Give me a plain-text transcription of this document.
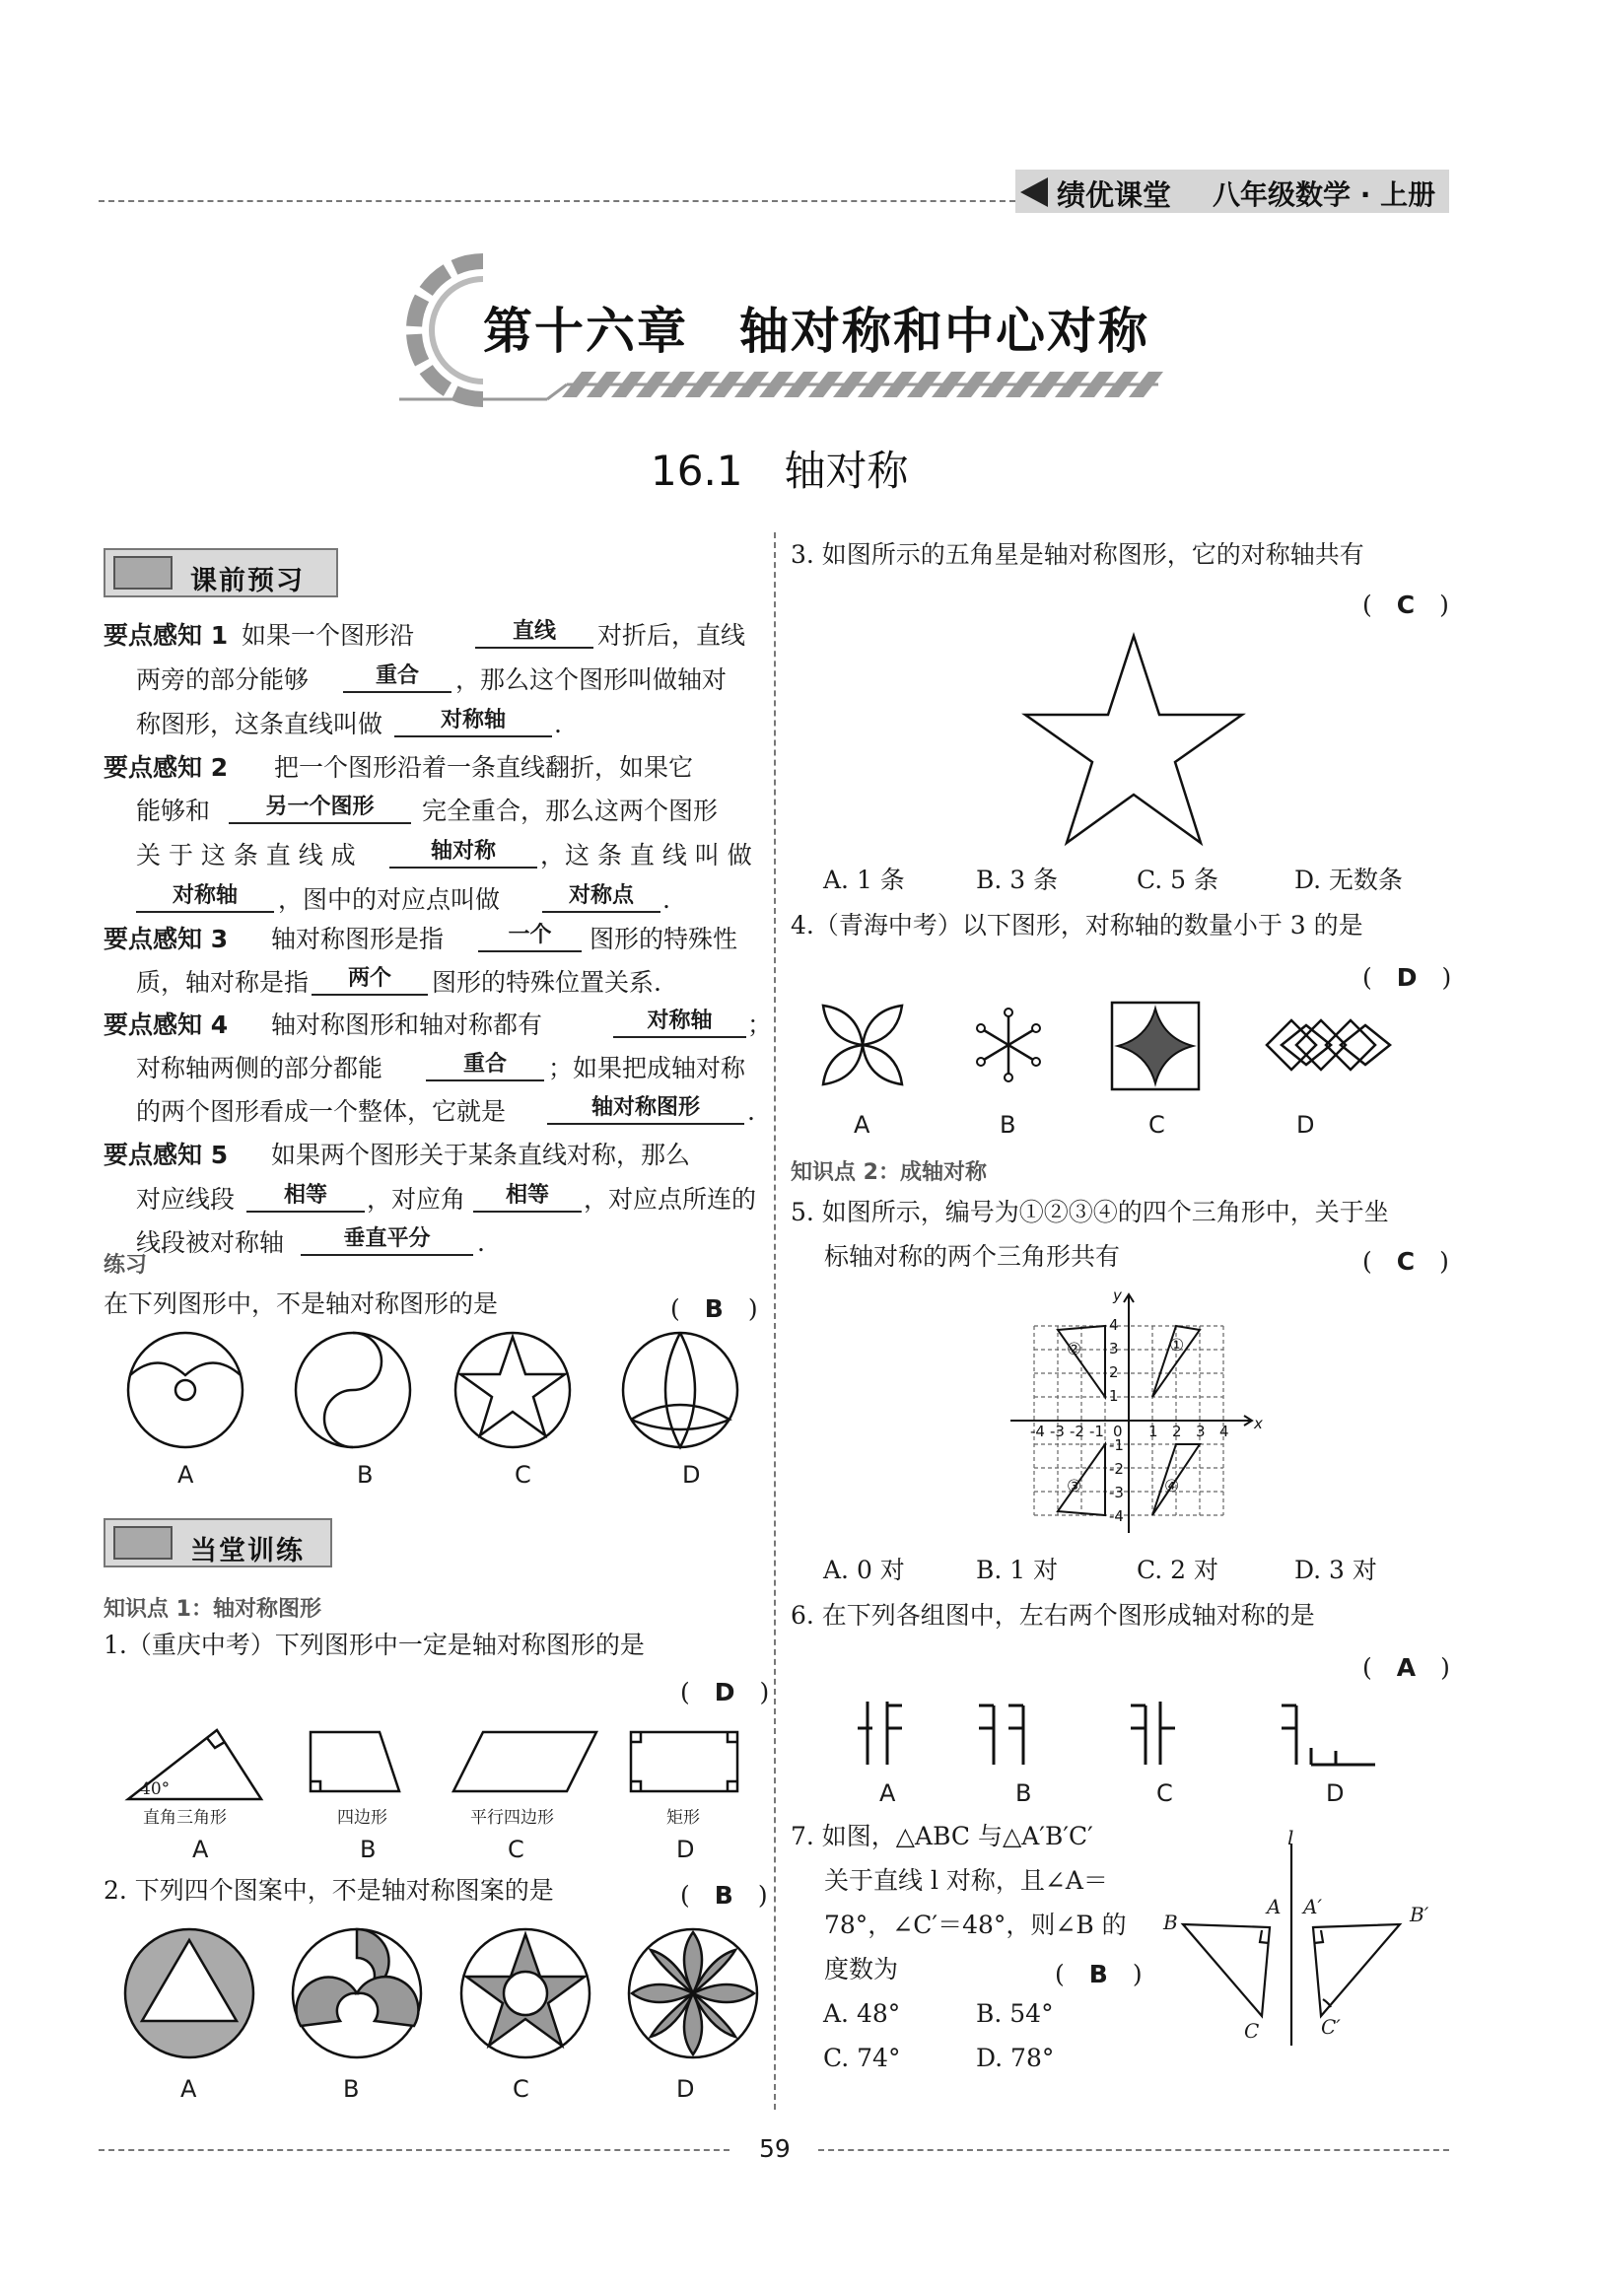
绩优课堂 八年级数学 · 上册
第十六章　轴对称和中心对称
16.1　轴对称
课前预习
要点感知 1 如果一个图形沿	直线	对折后，直线
两旁的部分能够	重合	，那么这个图形叫做轴对
称图形，这条直线叫做	对称轴	.
要点感知 2 把一个图形沿着一条直线翻折，如果它
能够和	另一个图形	完全重合，那么这两个图形
关 于 这 条 直 线 成	轴对称	，这 条 直 线 叫 做
对称轴	，图中的对应点叫做	对称点	.
要点感知 3 轴对称图形是指	一个	图形的特殊性
质，轴对称是指	两个	图形的特殊位置关系.
要点感知 4 轴对称图形和轴对称都有	对称轴	；
对称轴两侧的部分都能	重合	；如果把成轴对称
的两个图形看成一个整体，它就是	轴对称图形	.
要点感知 5 如果两个图形关于某条直线对称，那么
对应线段	相等	，对应角	相等	，对应点所连的
线段被对称轴	垂直平分	.
练习
在下列图形中，不是轴对称图形的是	(　B　)
A	B	C	D
当堂训练
知识点 1：轴对称图形
1.（重庆中考）下列图形中一定是轴对称图形的是
(　D　)
40°
直角三角形	四边形	平行四边形	矩形
A	B	C	D
2. 下列四个图案中，不是轴对称图案的是	(　B　)
A	B	C	D
3. 如图所示的五角星是轴对称图形，它的对称轴共有
(　C　)
A. 1 条	B. 3 条	C. 5 条	D. 无数条
4.（青海中考）以下图形，对称轴的数量小于 3 的是
(　D　)
A	B	C	D
知识点 2：成轴对称
5. 如图所示，编号为①②③④的四个三角形中，关于坐
标轴对称的两个三角形共有	(　C　)
y
x
4
3
2
1
-1
-2
-3
-4
-4 -3 -2 -1 0 1 2 3 4
①
②
③	④
A. 0 对	B. 1 对	C. 2 对	D. 3 对
6. 在下列各组图中，左右两个图形成轴对称的是
(　A　)
A	B	C	D
7. 如图，△ABC 与△A′B′C′
关于直线 l 对称，且∠A＝
78°，∠C′＝48°，则∠B 的
度数为	(　B　)
A. 48°	B. 54°
C. 74°	D. 78°
B
A
C
A′	B′
C′
l
59
